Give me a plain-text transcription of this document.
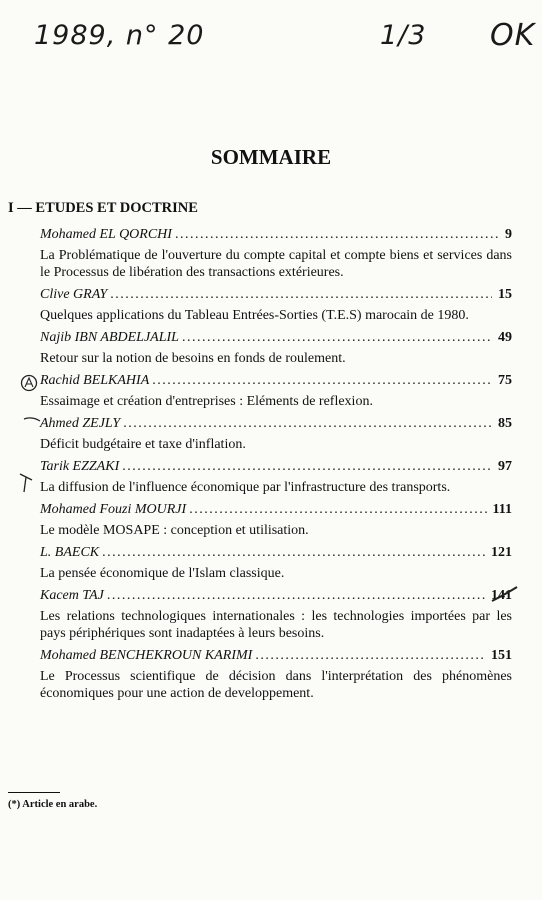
1989, n° 20	1/3 OK
SOMMAIRE
I — ETUDES ET DOCTRINE
Mohamed EL QORCHI . . .	9
La Problématique de l'ouverture du compte capital et compte biens et services dans le Processus de libération des transactions extérieures.
Clive GRAY . . .	15
Quelques applications du Tableau Entrées-Sorties (T.E.S) marocain de 1980.
Najib IBN ABDELJALIL . . .	49
Retour sur la notion de besoins en fonds de roulement.
Rachid BELKAHIA . . .	75
Essaimage et création d'entreprises : Eléments de reflexion.
Ahmed ZEJLY . . .	85
Déficit budgétaire et taxe d'inflation.
Tarik EZZAKI . . .	97
La diffusion de l'influence économique par l'infrastructure des transports.
Mohamed Fouzi MOURJI . . .	111
Le modèle MOSAPE : conception et utilisation.
L. BAECK . . .	121
La pensée économique de l'Islam classique.
Kacem TAJ . . .	141
Les relations technologiques internationales : les technologies importées par les pays périphériques sont inadaptées à leurs besoins.
Mohamed BENCHEKROUN KARIMI . . .	151
Le Processus scientifique de décision dans l'interprétation des phénomènes économiques pour une action de developpement.
(*) Article en arabe.
